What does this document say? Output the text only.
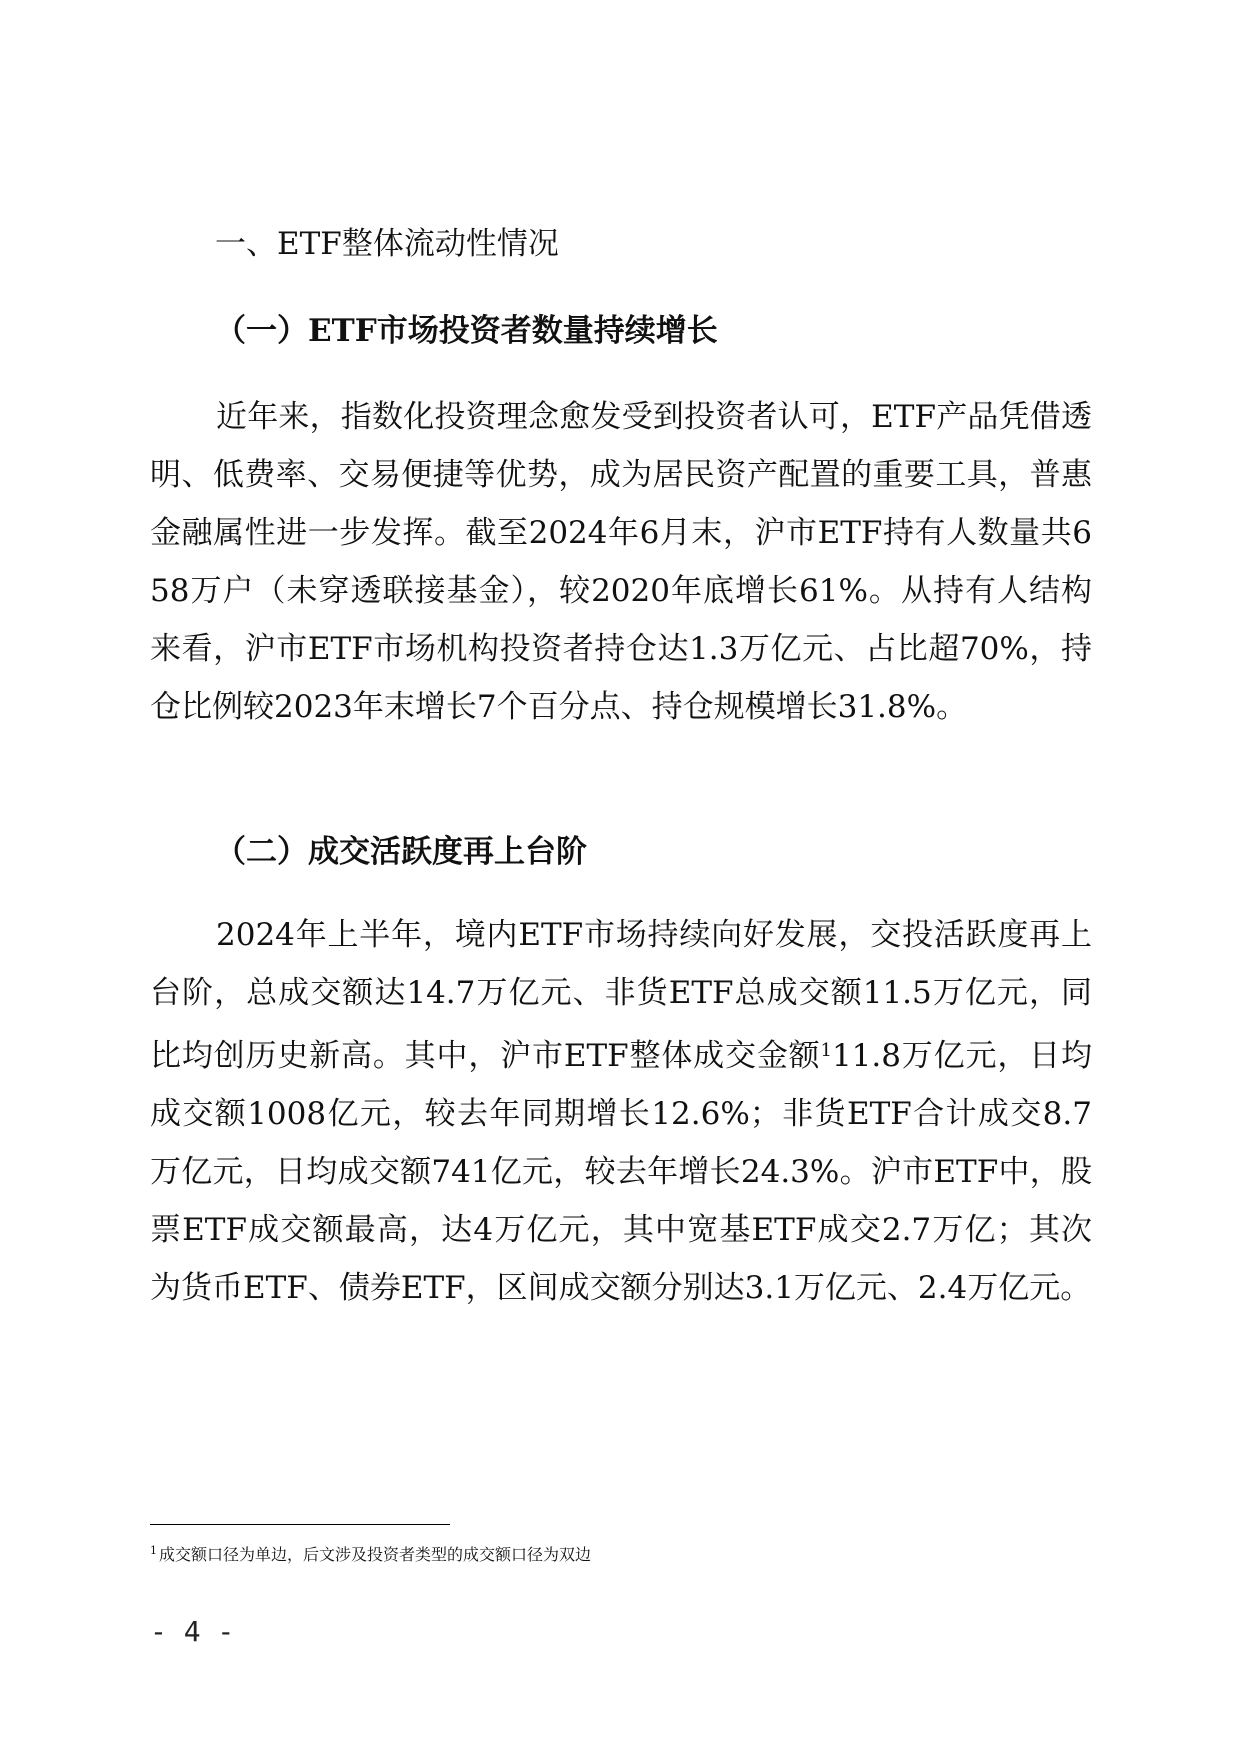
一、ETF整体流动性情况
（一）ETF市场投资者数量持续增长

近年来，指数化投资理念愈发受到投资者认可，ETF产品凭借透明、低费率、交易便捷等优势，成为居民资产配置的重要工具，普惠金融属性进一步发挥。截至2024年6月末，沪市ETF持有人数量共658万户（未穿透联接基金），较2020年底增长61%。从持有人结构来看，沪市ETF市场机构投资者持仓达1.3万亿元、占比超70%，持仓比例较2023年末增长7个百分点、持仓规模增长31.8%。

（二）成交活跃度再上台阶

2024年上半年，境内ETF市场持续向好发展，交投活跃度再上台阶，总成交额达14.7万亿元、非货ETF总成交额11.5万亿元，同比均创历史新高。其中，沪市ETF整体成交金额$^1$11.8万亿元，日均成交额1008亿元，较去年同期增长12.6%；非货ETF合计成交8.7万亿元，日均成交额741亿元，较去年增长24.3%。沪市ETF中，股票ETF成交额最高，达4万亿元，其中宽基ETF成交2.7万亿；其次为货币ETF、债券ETF，区间成交额分别达3.1万亿元、2.4万亿元。

$^1$ 成交额口径为单边，后文涉及投资者类型的成交额口径为双边

- 4 -
